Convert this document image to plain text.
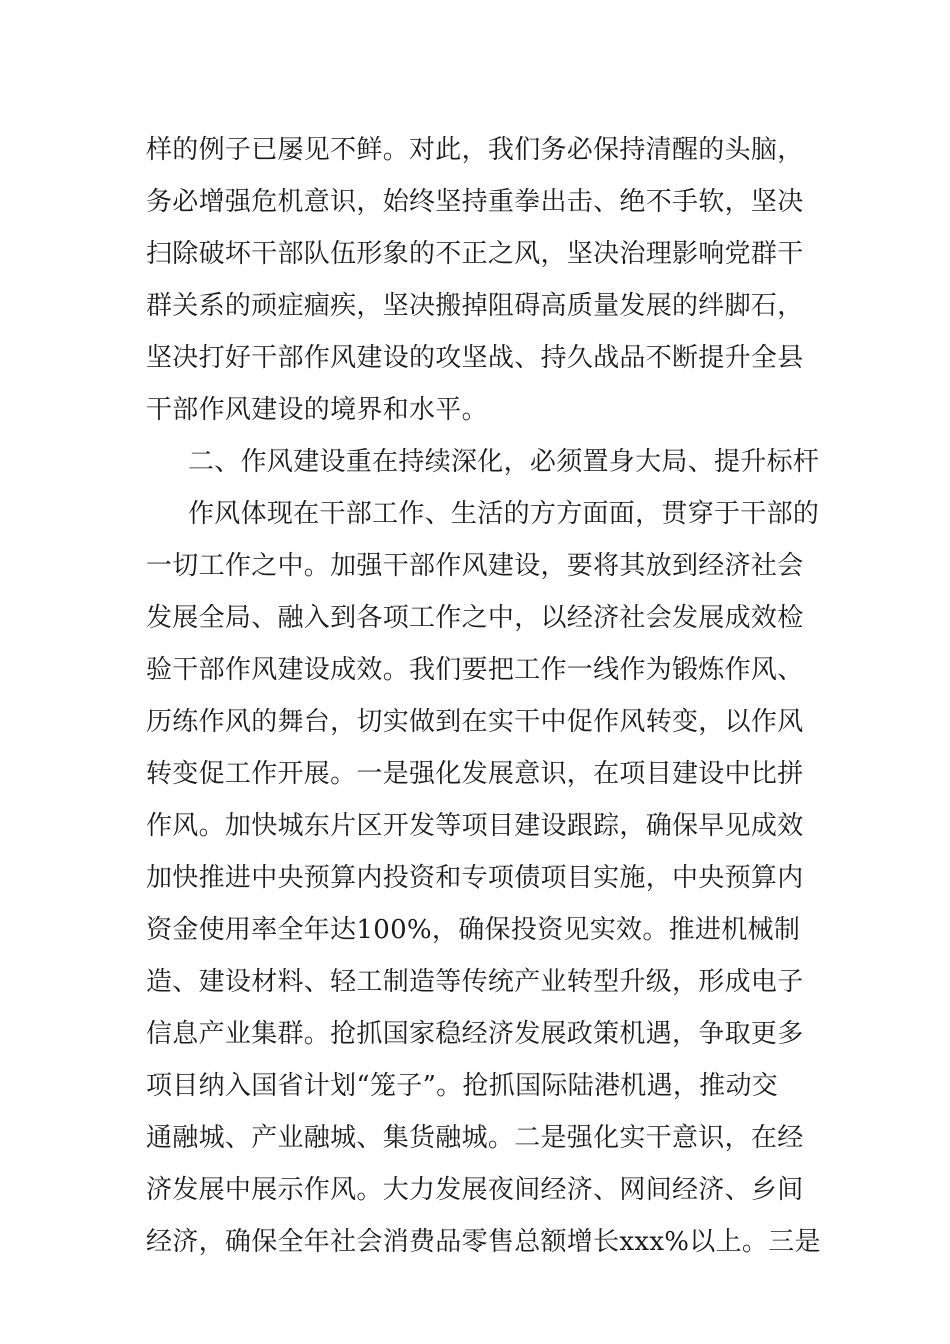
样的例子已屡见不鲜。对此，我们务必保持清醒的头脑，
务必增强危机意识，始终坚持重拳出击、绝不手软，坚决
扫除破坏干部队伍形象的不正之风，坚决治理影响党群干
群关系的顽症痼疾，坚决搬掉阻碍高质量发展的绊脚石，
坚决打好干部作风建设的攻坚战、持久战品不断提升全县
干部作风建设的境界和水平。
二、作风建设重在持续深化，必须置身大局、提升标杆
作风体现在干部工作、生活的方方面面，贯穿于干部的
一切工作之中。加强干部作风建设，要将其放到经济社会
发展全局、融入到各项工作之中，以经济社会发展成效检
验干部作风建设成效。我们要把工作一线作为锻炼作风、
历练作风的舞台，切实做到在实干中促作风转变，以作风
转变促工作开展。一是强化发展意识，在项目建设中比拼
作风。加快城东片区开发等项目建设跟踪，确保早见成效
加快推进中央预算内投资和专项债项目实施，中央预算内
资金使用率全年达100%，确保投资见实效。推进机械制
造、建设材料、轻工制造等传统产业转型升级，形成电子
信息产业集群。抢抓国家稳经济发展政策机遇，争取更多
项目纳入国省计划“笼子”。抢抓国际陆港机遇，推动交
通融城、产业融城、集货融城。二是强化实干意识，在经
济发展中展示作风。大力发展夜间经济、网间经济、乡间
经济，确保全年社会消费品零售总额增长xxx%以上。三是
